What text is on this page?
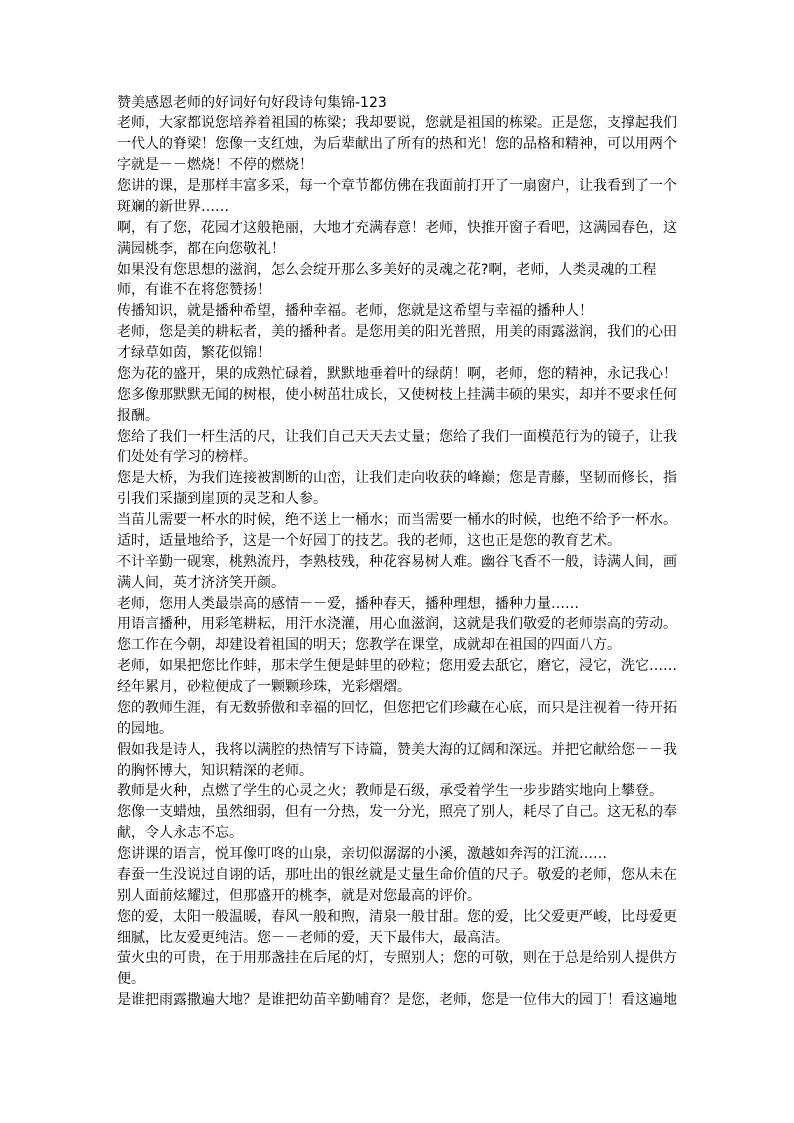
赞美感恩老师的好词好句好段诗句集锦-123
老师，大家都说您培养着祖国的栋梁；我却要说，您就是祖国的栋梁。正是您，支撑起我们
一代人的脊梁！您像一支红烛，为后辈献出了所有的热和光！您的品格和精神，可以用两个
字就是－－燃烧！不停的燃烧！
您讲的课，是那样丰富多采，每一个章节都仿佛在我面前打开了一扇窗户，让我看到了一个
斑斓的新世界……
啊，有了您，花园才这般艳丽，大地才充满春意！老师，快推开窗子看吧，这满园春色，这
满园桃李，都在向您敬礼！
如果没有您思想的滋润，怎么会绽开那么多美好的灵魂之花?啊，老师，人类灵魂的工程
师，有谁不在将您赞扬！
传播知识，就是播种希望，播种幸福。老师，您就是这希望与幸福的播种人！
老师，您是美的耕耘者，美的播种者。是您用美的阳光普照，用美的雨露滋润，我们的心田
才绿草如茵，繁花似锦！
您为花的盛开，果的成熟忙碌着，默默地垂着叶的绿荫！啊，老师，您的精神，永记我心！
您多像那默默无闻的树根，使小树茁壮成长，又使树枝上挂满丰硕的果实，却并不要求任何
报酬。
您给了我们一杆生活的尺，让我们自己天天去丈量；您给了我们一面模范行为的镜子，让我
们处处有学习的榜样。
您是大桥，为我们连接被割断的山峦，让我们走向收获的峰巅；您是青藤，坚韧而修长，指
引我们采撷到崖顶的灵芝和人参。
当苗儿需要一杯水的时候，绝不送上一桶水；而当需要一桶水的时候，也绝不给予一杯水。
适时，适量地给予，这是一个好园丁的技艺。我的老师，这也正是您的教育艺术。
不计辛勤一砚寒，桃熟流丹，李熟枝残，种花容易树人难。幽谷飞香不一般，诗满人间，画
满人间，英才济济笑开颜。
老师，您用人类最崇高的感情－－爱，播种春天，播种理想，播种力量……
用语言播种，用彩笔耕耘，用汗水浇灌，用心血滋润，这就是我们敬爱的老师崇高的劳动。
您工作在今朝，却建设着祖国的明天；您教学在课堂，成就却在祖国的四面八方。
老师，如果把您比作蚌，那末学生便是蚌里的砂粒；您用爱去舐它，磨它，浸它，洗它……
经年累月，砂粒便成了一颗颗珍珠，光彩熠熠。
您的教师生涯，有无数骄傲和幸福的回忆，但您把它们珍藏在心底，而只是注视着一待开拓
的园地。
假如我是诗人，我将以满腔的热情写下诗篇，赞美大海的辽阔和深远。并把它献给您－－我
的胸怀博大，知识精深的老师。
教师是火种，点燃了学生的心灵之火；教师是石级，承受着学生一步步踏实地向上攀登。
您像一支蜡烛，虽然细弱，但有一分热，发一分光，照亮了别人，耗尽了自己。这无私的奉
献，令人永志不忘。
您讲课的语言，悦耳像叮咚的山泉，亲切似潺潺的小溪，激越如奔泻的江流……
春蚕一生没说过自诩的话，那吐出的银丝就是丈量生命价值的尺子。敬爱的老师，您从未在
别人面前炫耀过，但那盛开的桃李，就是对您最高的评价。
您的爱，太阳一般温暖，春风一般和煦，清泉一般甘甜。您的爱，比父爱更严峻，比母爱更
细腻，比友爱更纯洁。您－－老师的爱，天下最伟大，最高洁。
萤火虫的可贵，在于用那盏挂在后尾的灯，专照别人；您的可敬，则在于总是给别人提供方
便。
是谁把雨露撒遍大地？是谁把幼苗辛勤哺育？是您，老师，您是一位伟大的园丁！看这遍地
